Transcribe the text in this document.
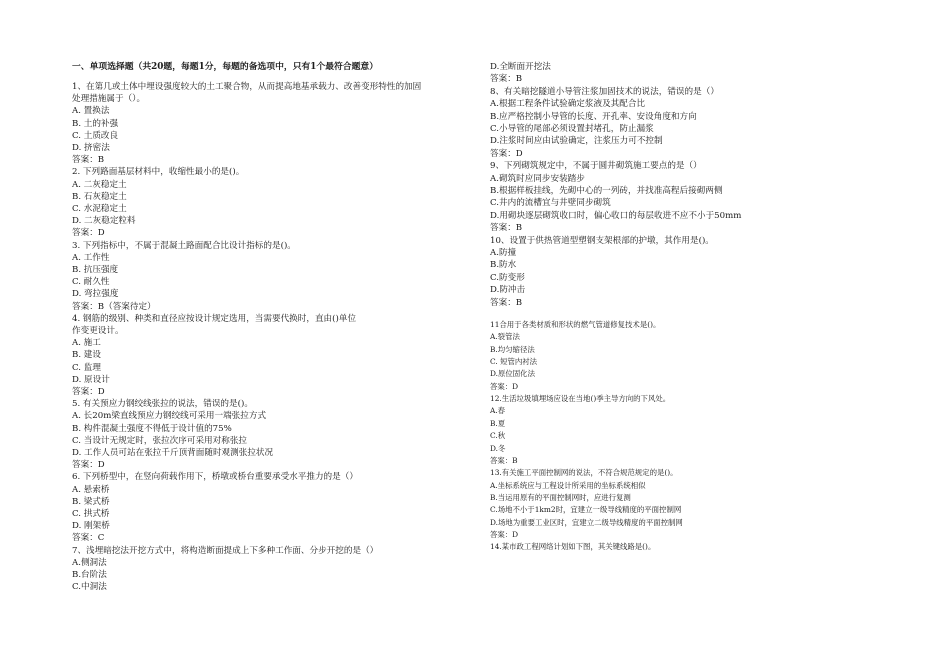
一、单项选择题（共20题，每题1分，每题的备选项中，只有1个最符合题意）
1、在第几或土体中埋设强度较大的土工聚合物，从而提高地基承载力、改善变形特性的加固
处理措施属于（）。
A. 置换法
B. 土的补强
C. 土质改良
D. 挤密法
答案：B
2. 下列路面基层材料中，收缩性最小的是()。
A. 二灰稳定土
B. 石灰稳定土
C. 水泥稳定土
D. 二灰稳定粒料
答案：D
3. 下列指标中，不属于混凝土路面配合比设计指标的是()。
A. 工作性
B. 抗压强度
C. 耐久性
D. 弯拉强度
答案：B（答案待定）
4. 钢筋的级别、种类和直径应按设计规定选用，当需要代换时，直由()单位
作变更设计。
A. 施工
B. 建设
C. 监理
D. 原设计
答案：D
5. 有关预应力钢绞线张拉的说法，错误的是()。
A. 长20m梁直线预应力钢绞线可采用一端张拉方式
B. 构件混凝土强度不得低于设计值的75%
C. 当设计无规定时，张拉次序可采用对称张拉
D. 工作人员可站在张拉千斤顶背面随时观测张拉状况
答案：D
6. 下列桥型中，在竖向荷载作用下，桥墩或桥台重要承受水平推力的是（）
A. 悬索桥
B. 梁式桥
C. 拱式桥
D. 刚架桥
答案：C
7、浅埋暗挖法开挖方式中，将构造断面提成上下多种工作面、分步开挖的是（）
A.侧洞法
B.台阶法
C.中洞法
D.全断面开挖法
答案：B
8、有关暗挖隧道小导管注浆加固技术的说法，错误的是（）
A.根据工程条件试验确定浆液及其配合比
B.应严格控制小导管的长度、开孔率、安设角度和方向
C.小导管的尾部必须设置封堵孔，防止漏浆
D.注浆时间应由试验确定，注浆压力可不控制
答案：D
9、下列砌筑规定中，不属于圆井砌筑施工要点的是（）
A.砌筑时应同步安装踏步
B.根据样板挂线，先砌中心的一列砖，并找准高程后接砌两侧
C.井内的流槽宜与井壁同步砌筑
D.用砌块逐层砌筑收口时，偏心收口的每层收进不应不小于50mm
答案：B
10、设置于供热管道型塑钢支架根部的护墩，其作用是()。
A.防撞
B.防水
C.防变形
D.防冲击
答案：B
11合用于各类材质和形状的燃气管道修复技术是()。
A.裂管法
B.均匀缩径法
C. 短管内衬法
D.原位固化法
答案：D
12.生活垃圾填埋场应设在当地()季主导方向的下风处。
A.春
B.夏
C.秋
D.冬
答案：B
13.有关施工平面控制网的说法，不符合规范规定的是()。
A.坐标系统应与工程设计所采用的坐标系统相似
B.当运用原有的平面控制网时，应进行复测
C.场地不小于1km2时，宜建立一级导线精度的平面控制网
D.场地为重要工业区时，宜建立二级导线精度的平面控制网
答案：D
14.某市政工程网络计划如下图，其关键线路是()。
